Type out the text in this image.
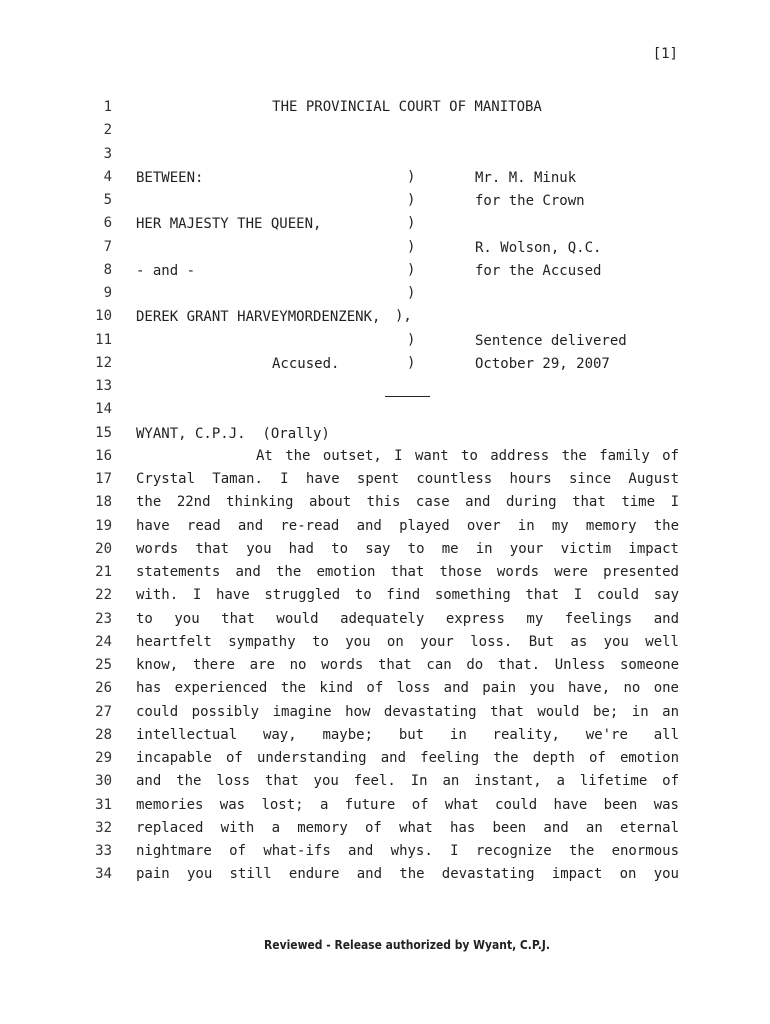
[1]
THE PROVINCIAL COURT OF MANITOBA
1
2
3
4
5
6
7
8
9
10
11
12
13
14
15
16
17
18
19
20
21
22
23
24
25
26
27
28
29
30
31
32
33
34
BETWEEN:
HER MAJESTY THE QUEEN,
- and -
DEREK GRANT HARVEYMORDENZENK,
Accused.
)
)
)
)
)
)
),
)
)
Mr. M. Minuk
for the Crown
R. Wolson, Q.C.
for the Accused
Sentence delivered
October 29, 2007
WYANT, C.P.J.  (Orally)
At the outset, I want to address the family of
Crystal Taman. I have spent countless hours since August
the 22nd thinking about this case and during that time I
have read and re-read and played over in my memory the
words that you had to say to me in your victim impact
statements and the emotion that those words were presented
with. I have struggled to find something that I could say
to you that would adequately express my feelings and
heartfelt sympathy to you on your loss. But as you well
know, there are no words that can do that. Unless someone
has experienced the kind of loss and pain you have, no one
could possibly imagine how devastating that would be; in an
intellectual way, maybe; but in reality, we're all
incapable of understanding and feeling the depth of emotion
and the loss that you feel. In an instant, a lifetime of
memories was lost; a future of what could have been was
replaced with a memory of what has been and an eternal
nightmare of what-ifs and whys. I recognize the enormous
pain you still endure and the devastating impact on you
Reviewed - Release authorized by Wyant, C.P.J.
